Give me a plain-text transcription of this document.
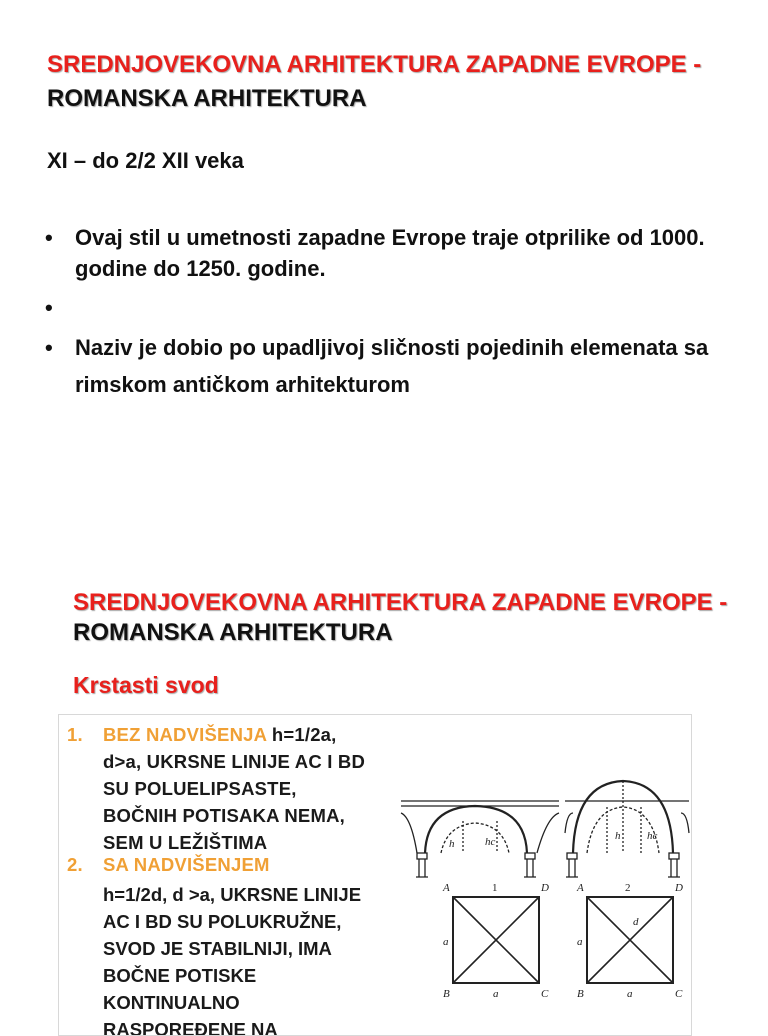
SREDNJOVEKOVNA ARHITEKTURA ZAPADNE EVROPE - ROMANSKA ARHITEKTURA
XI – do 2/2 XII veka
• Ovaj stil u umetnosti zapadne Evrope traje otprilike od 1000. godine do 1250. godine.
•
• Naziv je dobio po upadljivoj sličnosti pojedinih elemenata sa rimskom antičkom arhitekturom
SREDNJOVEKOVNA ARHITEKTURA ZAPADNE EVROPE - ROMANSKA ARHITEKTURA
Krstasti svod
1. BEZ NADVIŠENJA h=1/2a,
d>a, UKRSNE LINIJE AC I BD
SU POLUELIPSASTE,
BOČNIH POTISAKA NEMA,
SEM U LEŽIŠTIMA
2. SA NADVIŠENJEM
h=1/2d, d >a, UKRSNE LINIJE
AC I BD SU POLUKRUŽNE,
SVOD JE STABILNIJI, IMA
BOČNE POTISKE
KONTINUALNO
RASPOREĐENE NA
h	hc	h hc
1	2
A	D
B	C
a
a
A	D
B	C
a
a
d
